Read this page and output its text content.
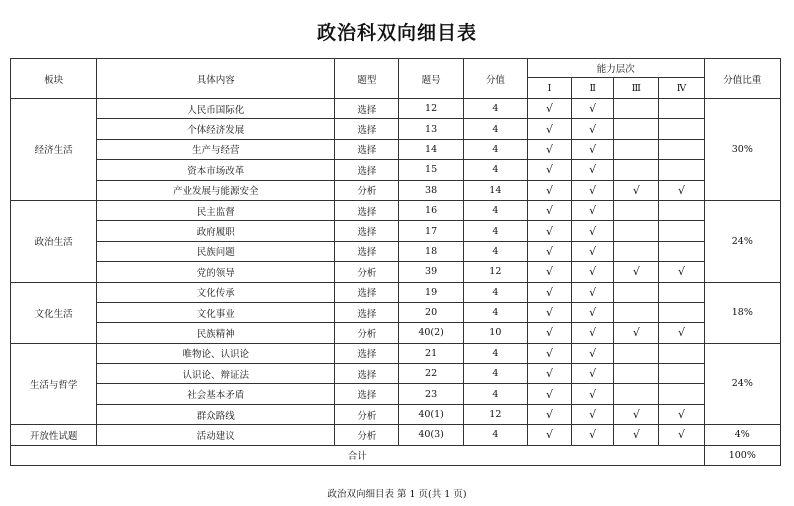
政治科双向细目表
板块	具体内容	题型	题号	分值	能力层次				分值比重
					Ⅰ	Ⅱ	Ⅲ	Ⅳ	
经济生活	人民币国际化	选择	12	4	√	√			30%
	个体经济发展	选择	13	4	√	√			
	生产与经营	选择	14	4	√	√			
	资本市场改革	选择	15	4	√	√			
	产业发展与能源安全	分析	38	14	√	√	√	√	
政治生活	民主监督	选择	16	4	√	√			24%
	政府履职	选择	17	4	√	√			
	民族问题	选择	18	4	√	√			
	党的领导	分析	39	12	√	√	√	√	
文化生活	文化传承	选择	19	4	√	√			18%
	文化事业	选择	20	4	√	√			
	民族精神	分析	40(2)	10	√	√	√	√	
生活与哲学	唯物论、认识论	选择	21	4	√	√			24%
	认识论、辩证法	选择	22	4	√	√			
	社会基本矛盾	选择	23	4	√	√			
	群众路线	分析	40(1)	12	√	√	√	√	
开放性试题	活动建议	分析	40(3)	4	√	√	√	√	4%
合计									100%
政治双向细目表 第 1 页(共 1 页)
